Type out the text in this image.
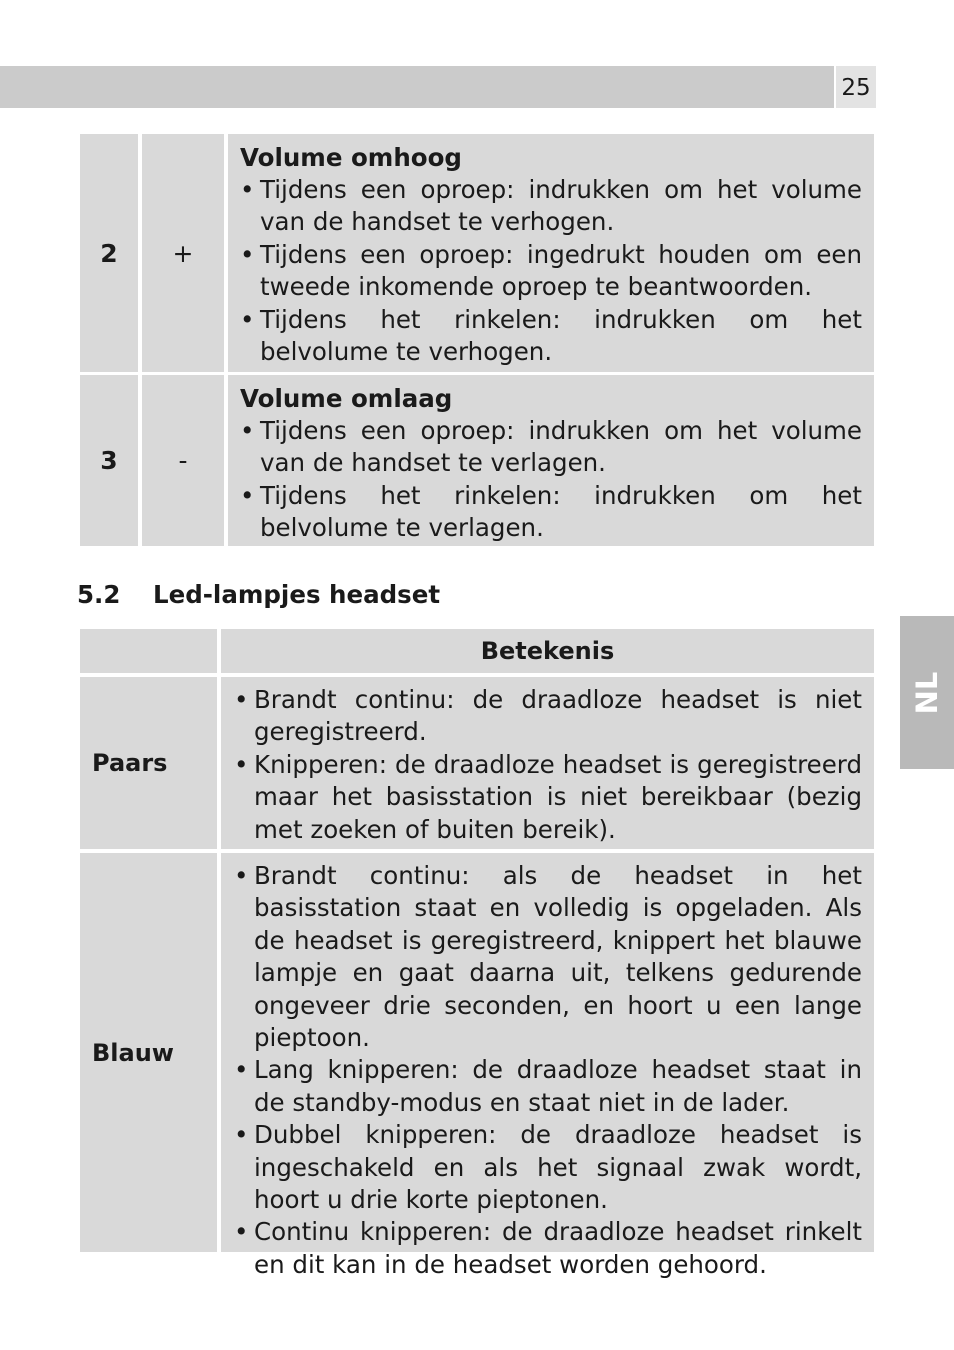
25
NL
2 +
Volume omhoog
• Tijdens een oproep: indrukken om het volume van de handset te verhogen.
• Tijdens een oproep: ingedrukt houden om een tweede inkomende oproep te beantwoorden.
• Tijdens het rinkelen: indrukken om het belvolume te verhogen.
3 -
Volume omlaag
• Tijdens een oproep: indrukken om het volume van de handset te verlagen.
• Tijdens het rinkelen: indrukken om het belvolume te verlagen.
5.2 Led-lampjes headset
Betekenis
Paars
• Brandt continu: de draadloze headset is niet geregistreerd.
• Knipperen: de draadloze headset is geregistreerd maar het basisstation is niet bereikbaar (bezig met zoeken of buiten bereik).
Blauw
• Brandt continu: als de headset in het basisstation staat en volledig is opgeladen. Als de headset is geregistreerd, knippert het blauwe lampje en gaat daarna uit, telkens gedurende ongeveer drie seconden, en hoort u een lange pieptoon.
• Lang knipperen: de draadloze headset staat in de standby-modus en staat niet in de lader.
• Dubbel knipperen: de draadloze headset is ingeschakeld en als het signaal zwak wordt, hoort u drie korte pieptonen.
• Continu knipperen: de draadloze headset rinkelt en dit kan in de headset worden gehoord.
